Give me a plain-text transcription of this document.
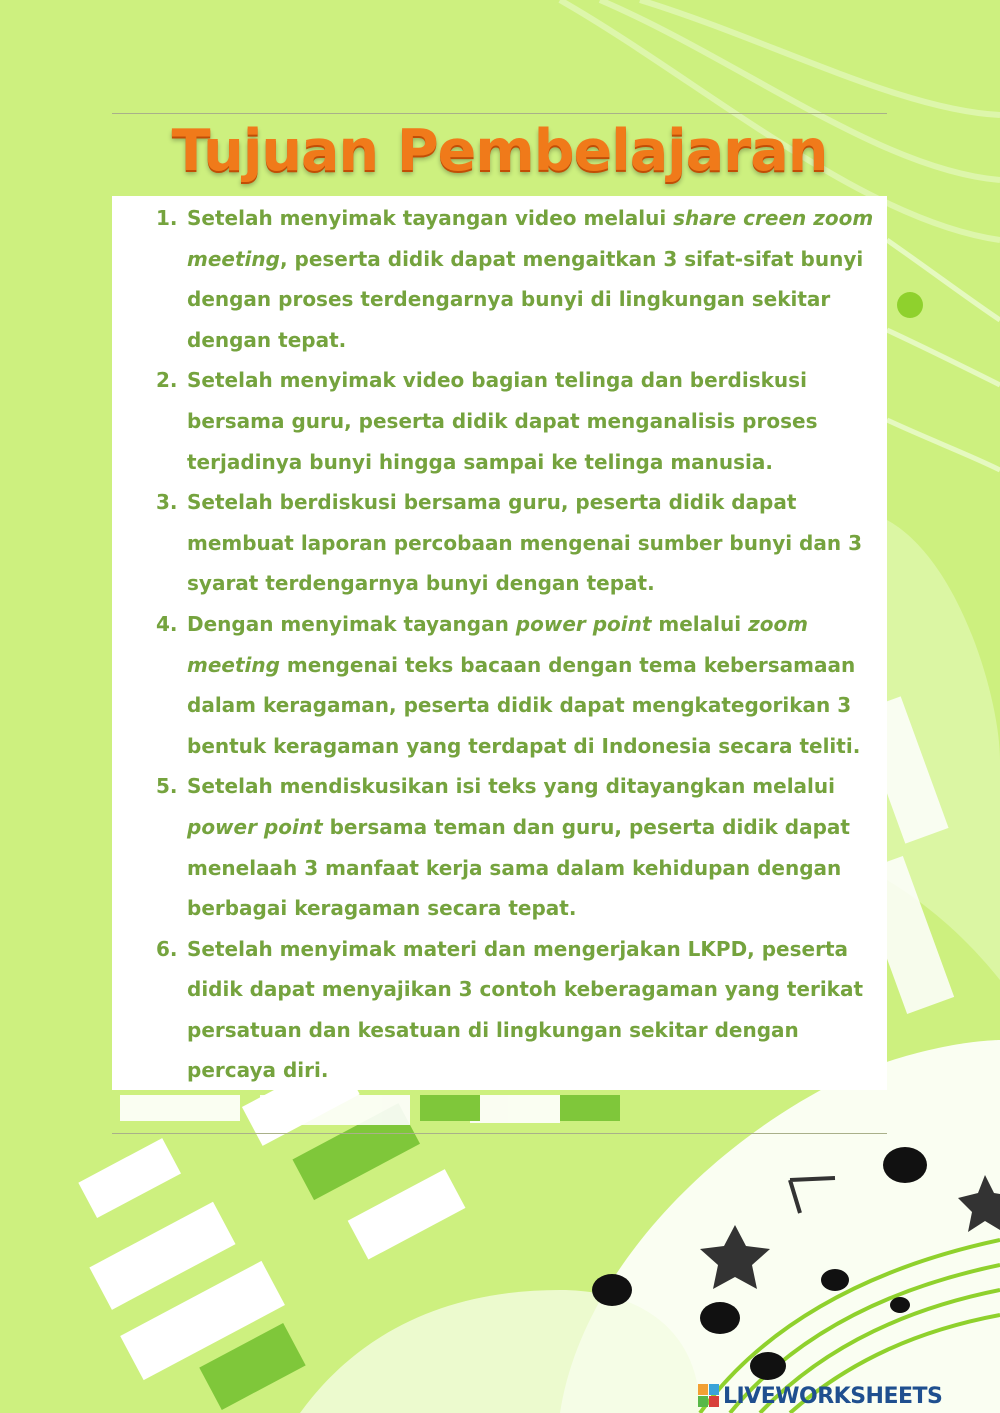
Tujuan Pembelajaran
1. Setelah menyimak tayangan video melalui share creen zoom meeting, peserta didik dapat mengaitkan 3 sifat-sifat bunyi dengan proses terdengarnya bunyi di lingkungan sekitar dengan tepat.
2. Setelah menyimak video bagian telinga dan berdiskusi bersama guru, peserta didik dapat menganalisis proses terjadinya bunyi hingga sampai ke telinga manusia.
3. Setelah berdiskusi bersama guru, peserta didik dapat membuat laporan percobaan mengenai sumber bunyi dan 3 syarat terdengarnya bunyi dengan tepat.
4. Dengan menyimak tayangan power point melalui zoom meeting mengenai teks bacaan dengan tema kebersamaan dalam keragaman, peserta didik dapat mengkategorikan 3 bentuk keragaman yang terdapat di Indonesia secara teliti.
5. Setelah mendiskusikan isi teks yang ditayangkan melalui power point bersama teman dan guru, peserta didik dapat menelaah 3 manfaat kerja sama dalam kehidupan dengan berbagai keragaman secara tepat.
6. Setelah menyimak materi dan mengerjakan LKPD, peserta didik dapat menyajikan 3 contoh keberagaman yang terikat persatuan dan kesatuan di lingkungan sekitar dengan percaya diri.
LIVEWORKSHEETS
